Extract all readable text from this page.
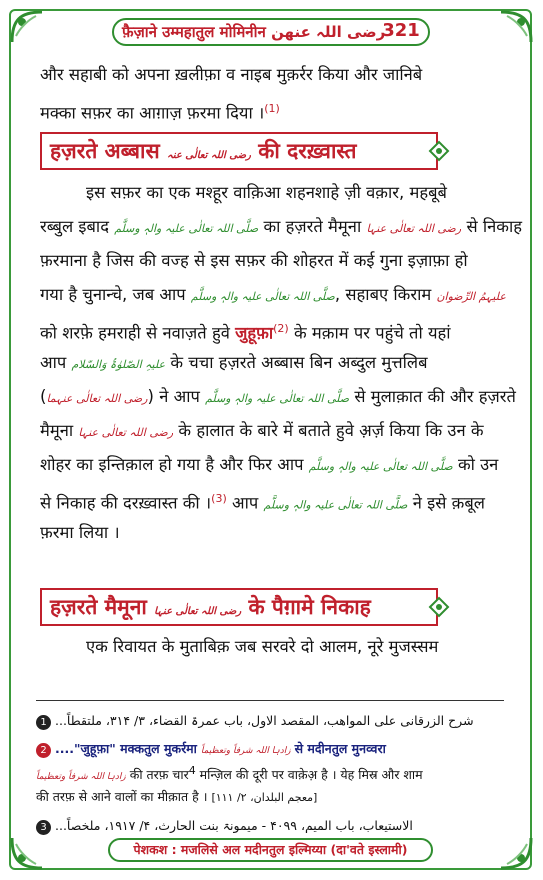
फ़ैज़ाने उम्महातुल मोमिनीन رضی اللہ عنھن
321
और सहाबी को अपना ख़लीफ़ा व नाइब मुक़र्रर किया और जानिबे
मक्का सफ़र का आग़ाज़ फ़रमा दिया ।$^{(1)}$
हज़रते अब्बास رضی اللہ تعالٰی عنہ की दरख़्वास्त
इस सफ़र का एक मश्हूर वाक़िआ शहनशाहे ज़ी वक़ार, महबूबे
रब्बुल इबाद صلَّی اللہ تعالٰی علیہ والہٖ وسلَّم का हज़रते मैमूना رضی اللہ تعالٰی عنہا से निकाह
फ़रमाना है जिस की वज्ह से इस सफ़र की शोहरत में कई गुना इज़ाफ़ा हो
गया है चुनान्चे, जब आप صلَّی اللہ تعالٰی علیہ والہٖ وسلَّم, सहाबए किराम علیہمُ الرِّضوان
को शरफ़े हमराही से नवाज़ते हुवे जुहूफ़ा$^{(2)}$ के मक़ाम पर पहुंचे तो यहां
आप علیہِ الصّلوٰۃُ وَالسّلام के चचा हज़रते अब्बास बिन अब्दुल मुत्तलिब
(رضی اللہ تعالٰی عنہما) ने आप صلَّی اللہ تعالٰی علیہ والہٖ وسلَّم से मुलाक़ात की और हज़रते
मैमूना رضی اللہ تعالٰی عنہا के हालात के बारे में बताते हुवे अ़र्ज़ किया कि उन के
शोहर का इन्तिक़ाल हो गया है और फिर आप صلَّی اللہ تعالٰی علیہ والہٖ وسلَّم को उन
से निकाह की दरख़्वास्त की ।$^{(3)}$ आप صلَّی اللہ تعالٰی علیہ والہٖ وسلَّم ने इसे क़बूल
फ़रमा लिया ।
हज़रते मैमूना رضی اللہ تعالٰی عنہا के पैग़ामे निकाह
एक रिवायत के मुताबिक़ जब सरवरे दो आलम, नूरे मुजस्सम
1 ...شرح الزرقانی علی المواهب، المقصد الاول، باب عمرۃ القضاء، ۳/ ۳۱۴، ملتقطاً
2 ...."जुहूफ़ा" मक्कतुल मुकर्रमा زادہا اللہ شرفاً وتعظیماً से मदीनतुल मुनव्वरा
زادہا اللہ شرفاً وتعظیماً की तरफ़ चार4 मन्ज़िल की दूरी पर वाक़ेअ़ है । येह मिस्र और शाम
की तरफ़ से आने वालों का मीक़ात है । [معجم البلدان، ۲/ ۱۱۱]
3 ...الاستیعاب، باب المیم، ۴۰۹۹ - میمونۃ بنت الحارث، ۴/ ۱۹۱۷، ملخصاً
पेशकश : मजलिसे अल मदीनतुल इल्मिय्या (दा'वते इस्लामी)
